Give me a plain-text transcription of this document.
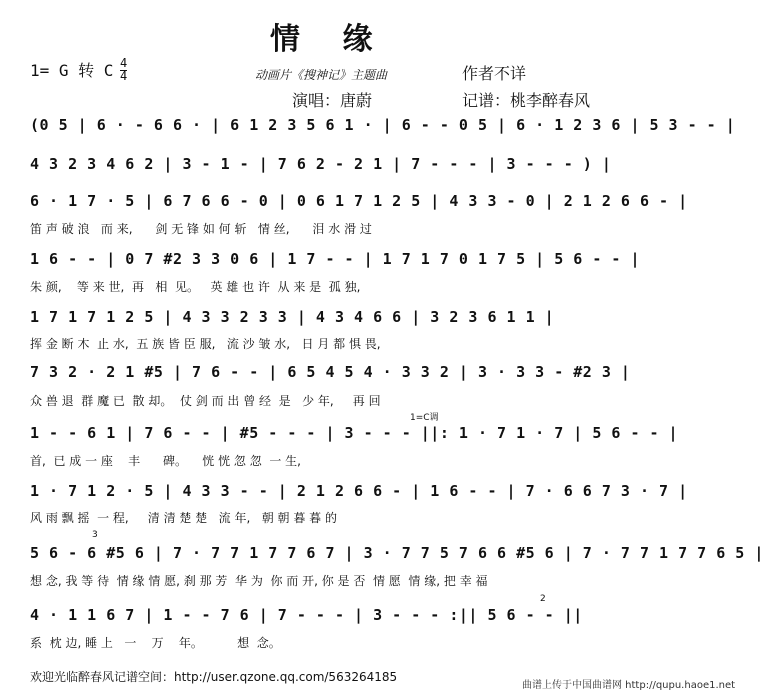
情 缘
1= G 转 C $\frac{4}{4}$	动画片《搜神记》主题曲	作者不详
演唱：唐蔚	记谱：桃李醉春风
(0 5 | 6 · - 6 6 · | 6 1 2 3 5 6 1 · | 6 - - 0 5 | 6 · 1 2 3 6 | 5 3 - - |
4 3 2 3 4 6 2 | 3 - 1 - | 7 6 2 - 2 1 | 7 - - - | 3 - - - ) |
6 · 1 7 · 5 | 6 7 6 6 - 0 | 0 6 1 7 1 2 5 | 4 3 3 - 0 | 2 1 2 6 6 - |
笛 声 破 浪   而 来,      剑 无 锋 如 何 斩   情 丝,      泪 水 滑 过
1 6 - - | 0 7 #2 3 3 0 6 | 1 7 - - | 1 7 1 7 0 1 7 5 | 5 6 - - |
朱 颜,    等 来 世,  再   相  见。   英 雄 也 许  从 来 是  孤 独,
1 7 1 7 1 2 5 | 4 3 3 2 3 3 | 4 3 4 6 6 | 3 2 3 6 1 1 |
挥 金 断 木  止 水,  五 族 皆 臣 服,   流 沙 皱 水,   日 月 都 惧 畏,
7 3 2 · 2 1 #5 | 7 6 - - | 6 5 4 5 4 · 3 3 2 | 3 · 3 3 - #2 3 |
众 兽 退  群 魔 已  散 却。  仗 剑 而 出 曾 经  是   少 年,     再 回
1=C调
1 - - 6 1 | 7 6 - - | #5 - - - | 3 - - - ||: 1 · 7 1 · 7 | 5 6 - - |
首,  已 成 一 座    丰      碑。    恍 恍 忽 忽  一 生,
1 · 7 1 2 · 5 | 4 3 3 - - | 2 1 2 6 6 - | 1 6 - - | 7 · 6 6 7 3 · 7 |
风 雨 飘 摇  一 程,     清 清 楚 楚   流 年,   朝 朝 暮 暮 的
3
5 6 - 6 #5 6 | 7 · 7 7 1 7 7 6 7 | 3 · 7 7 5 7 6 6 #5 6 | 7 · 7 7 1 7 7 6 5 |
想 念, 我 等 待  情 缘 情 愿, 刹 那 芳  华 为  你 而 开, 你 是 否  情 愿  情 缘, 把 幸 福
2
4 · 1 1 6 7 | 1 - - 7 6 | 7 - - - | 3 - - - :|| 5 6 - - ||
系  枕 边, 睡 上   一    万    年。         想  念。
欢迎光临醉春风记谱空间：http://user.qzone.qq.com/563264185
曲谱上传于中国曲谱网 http://qupu.haoe1.net
